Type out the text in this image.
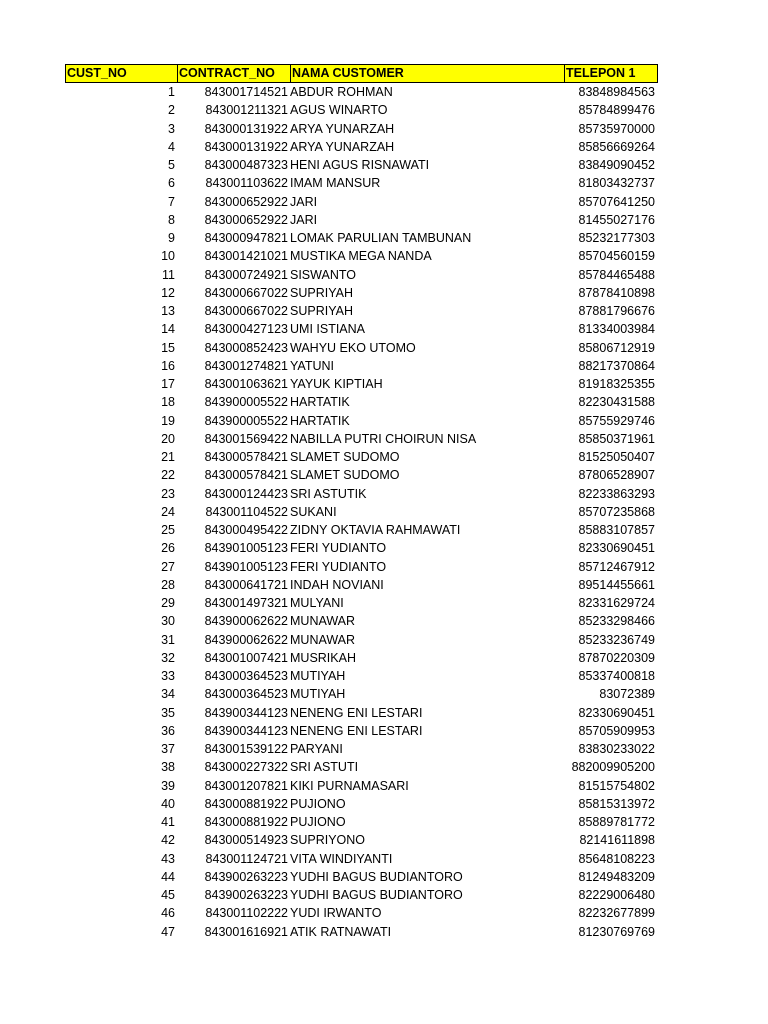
CUST_NO	CONTRACT_NO	NAMA CUSTOMER	TELEPON 1
1	843001714521 ABDUR ROHMAN	83848984563
2	843001211321 AGUS WINARTO	85784899476
3	843000131922 ARYA YUNARZAH	85735970000
4	843000131922 ARYA YUNARZAH	85856669264
5	843000487323 HENI AGUS RISNAWATI	83849090452
6	843001103622 IMAM MANSUR	81803432737
7	843000652922 JARI	85707641250
8	843000652922 JARI	81455027176
9	843000947821 LOMAK PARULIAN TAMBUNAN	85232177303
10	843001421021 MUSTIKA MEGA NANDA	85704560159
11	843000724921 SISWANTO	85784465488
12	843000667022 SUPRIYAH	87878410898
13	843000667022 SUPRIYAH	87881796676
14	843000427123 UMI ISTIANA	81334003984
15	843000852423 WAHYU EKO UTOMO	85806712919
16	843001274821 YATUNI	88217370864
17	843001063621 YAYUK KIPTIAH	81918325355
18	843900005522 HARTATIK	82230431588
19	843900005522 HARTATIK	85755929746
20	843001569422 NABILLA PUTRI CHOIRUN NISA	85850371961
21	843000578421 SLAMET SUDOMO	81525050407
22	843000578421 SLAMET SUDOMO	87806528907
23	843000124423 SRI ASTUTIK	82233863293
24	843001104522 SUKANI	85707235868
25	843000495422 ZIDNY OKTAVIA RAHMAWATI	85883107857
26	843901005123 FERI YUDIANTO	82330690451
27	843901005123 FERI YUDIANTO	85712467912
28	843000641721 INDAH NOVIANI	89514455661
29	843001497321 MULYANI	82331629724
30	843900062622 MUNAWAR	85233298466
31	843900062622 MUNAWAR	85233236749
32	843001007421 MUSRIKAH	87870220309
33	843000364523 MUTIYAH	85337400818
34	843000364523 MUTIYAH	83072389
35	843900344123 NENENG ENI LESTARI	82330690451
36	843900344123 NENENG ENI LESTARI	85705909953
37	843001539122 PARYANI	83830233022
38	843000227322 SRI ASTUTI	882009905200
39	843001207821 KIKI PURNAMASARI	81515754802
40	843000881922 PUJIONO	85815313972
41	843000881922 PUJIONO	85889781772
42	843000514923 SUPRIYONO	82141611898
43	843001124721 VITA WINDIYANTI	85648108223
44	843900263223 YUDHI BAGUS BUDIANTORO	81249483209
45	843900263223 YUDHI BAGUS BUDIANTORO	82229006480
46	843001102222 YUDI IRWANTO	82232677899
47	843001616921 ATIK RATNAWATI	81230769769
